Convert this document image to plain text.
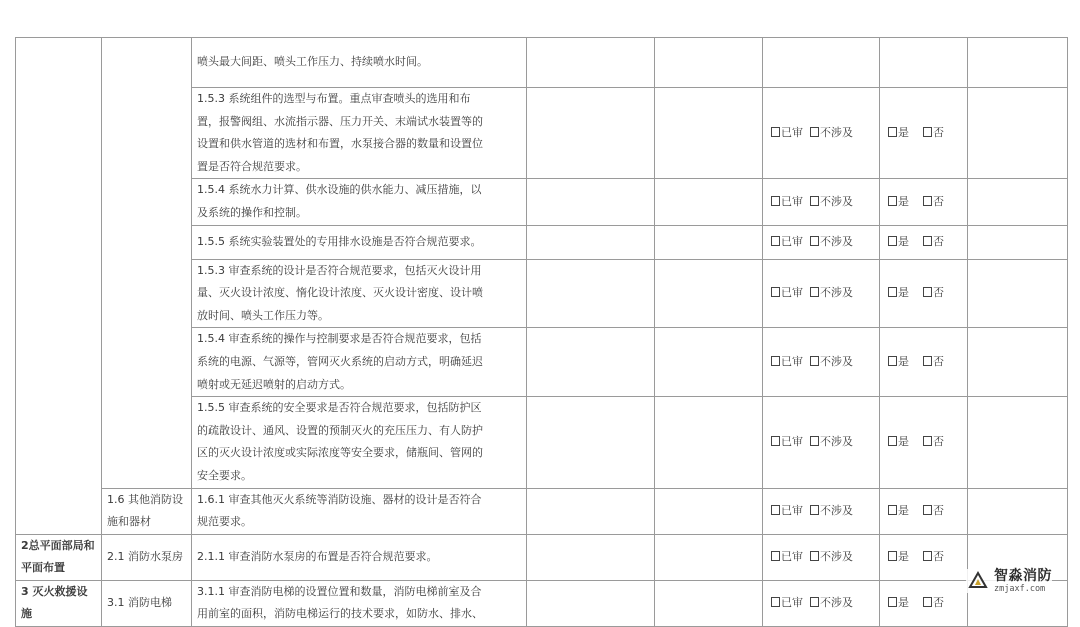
		喷头最大间距、喷头工作压力、持续喷水时间。					

		1.5.3 系统组件的选型与布置。重点审查喷头的选用和布
置，报警阀组、水流指示器、压力开关、末端试水装置等的
设置和供水管道的选材和布置，水泵接合器的数量和设置位
置是否符合规范要求。			已审 不涉及	是 否	

		1.5.4 系统水力计算、供水设施的供水能力、减压措施，以
及系统的操作和控制。			已审 不涉及	是 否	

		1.5.5 系统实验装置处的专用排水设施是否符合规范要求。			已审 不涉及	是 否	

		1.5.3 审查系统的设计是否符合规范要求，包括灭火设计用
量、灭火设计浓度、惰化设计浓度、灭火设计密度、设计喷
放时间、喷头工作压力等。			已审 不涉及	是 否	

		1.5.4 审查系统的操作与控制要求是否符合规范要求，包括
系统的电源、气源等，管网灭火系统的启动方式，明确延迟
喷射或无延迟喷射的启动方式。			已审 不涉及	是 否	

		1.5.5 审查系统的安全要求是否符合规范要求，包括防护区
的疏散设计、通风、设置的预制灭火的充压压力、有人防护
区的灭火设计浓度或实际浓度等安全要求，储瓶间、管网的
安全要求。			已审 不涉及	是 否	
	1.6 其他消防设施和器材	1.6.1 审查其他灭火系统等消防设施、器材的设计是否符合
规范要求。			已审 不涉及	是 否	
2总平面部局和平面布置	2.1 消防水泵房	2.1.1 审查消防水泵房的布置是否符合规范要求。			已审 不涉及	是 否	
3 灭火救援设施	3.1 消防电梯	3.1.1 审查消防电梯的设置位置和数量，消防电梯前室及合
用前室的面积，消防电梯运行的技术要求，如防水、排水、			已审 不涉及	是 否	
智淼消防
zmjaxf.com
